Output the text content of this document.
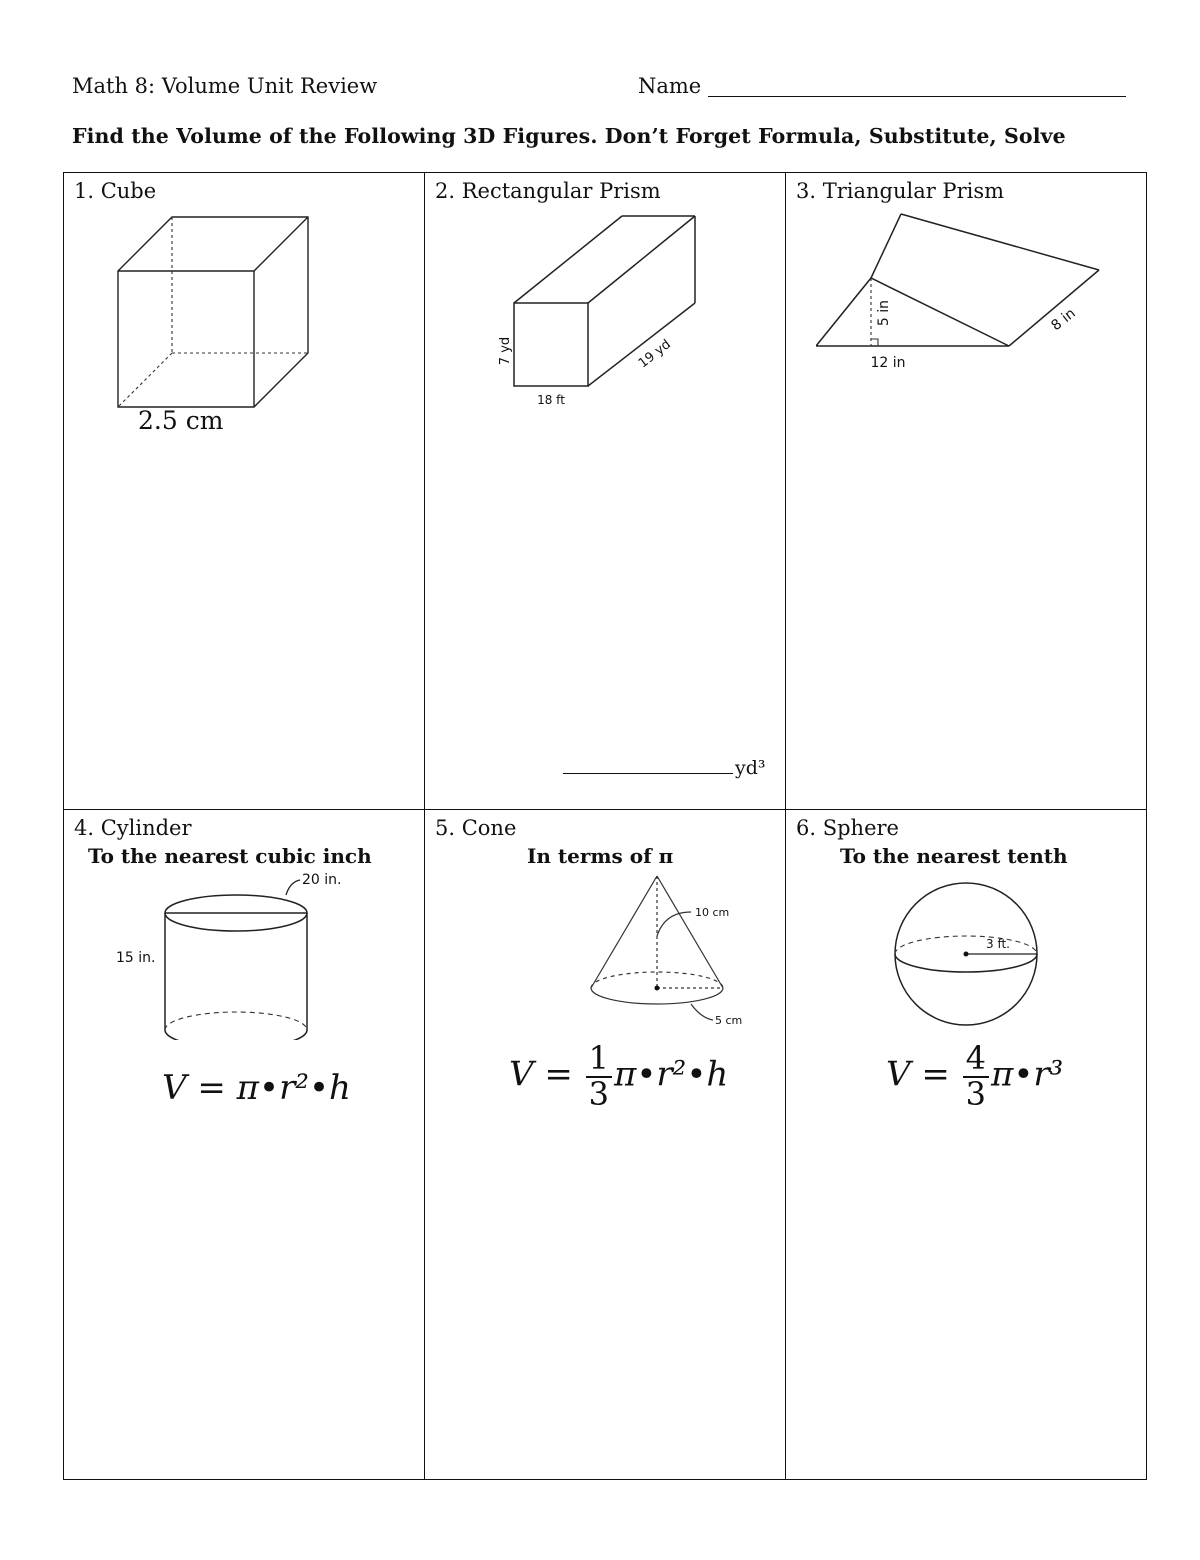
Math 8: Volume Unit Review	Name
Find the Volume of the Following 3D Figures. Don’t Forget Formula, Substitute, Solve
1. Cube
2.5 cm
2. Rectangular Prism
7 yd	19 yd
18 ft
yd³
3. Triangular Prism
5 in
12 in
8 in
4. Cylinder
To the nearest cubic inch
20 in.
15 in.
V = π•r²•h
5. Cone
In terms of π
10 cm
5 cm
$V = \frac{1}{3}$ π•r²•h
6. Sphere
To the nearest tenth
3 ft.
$V = \frac{4}{3}$ π•r³
